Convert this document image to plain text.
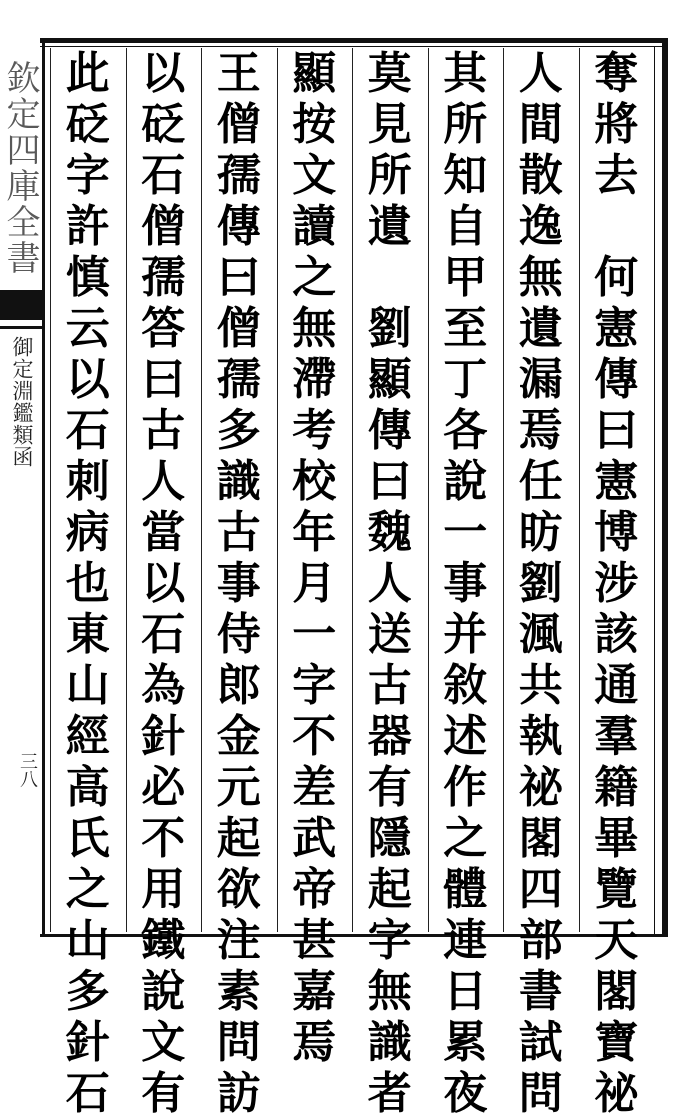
欽定四庫全書
御定淵鑑類函
三八
奪
將
去
何
憲
傳
曰
憲
博
涉
該
通
羣
籍
畢
覽
天
閣
寶
祕
人
間
散
逸
無
遺
漏
焉
任
昉
劉
渢
共
執
祕
閣
四
部
書
試
問
其
所
知
自
甲
至
丁
各
說
一
事
并
敘
述
作
之
體
連
日
累
夜
莫
見
所
遺
劉
顯
傳
曰
魏
人
送
古
器
有
隱
起
字
無
識
者
顯
按
文
讀
之
無
滯
考
校
年
月
一
字
不
差
武
帝
甚
嘉
焉
王
僧
孺
傳
曰
僧
孺
多
識
古
事
侍
郎
金
元
起
欲
注
素
問
訪
以
砭
石
僧
孺
答
曰
古
人
當
以
石
為
針
必
不
用
鐵
說
文
有
此
砭
字
許
慎
云
以
石
刺
病
也
東
山
經
高
氏
之
山
多
針
石
